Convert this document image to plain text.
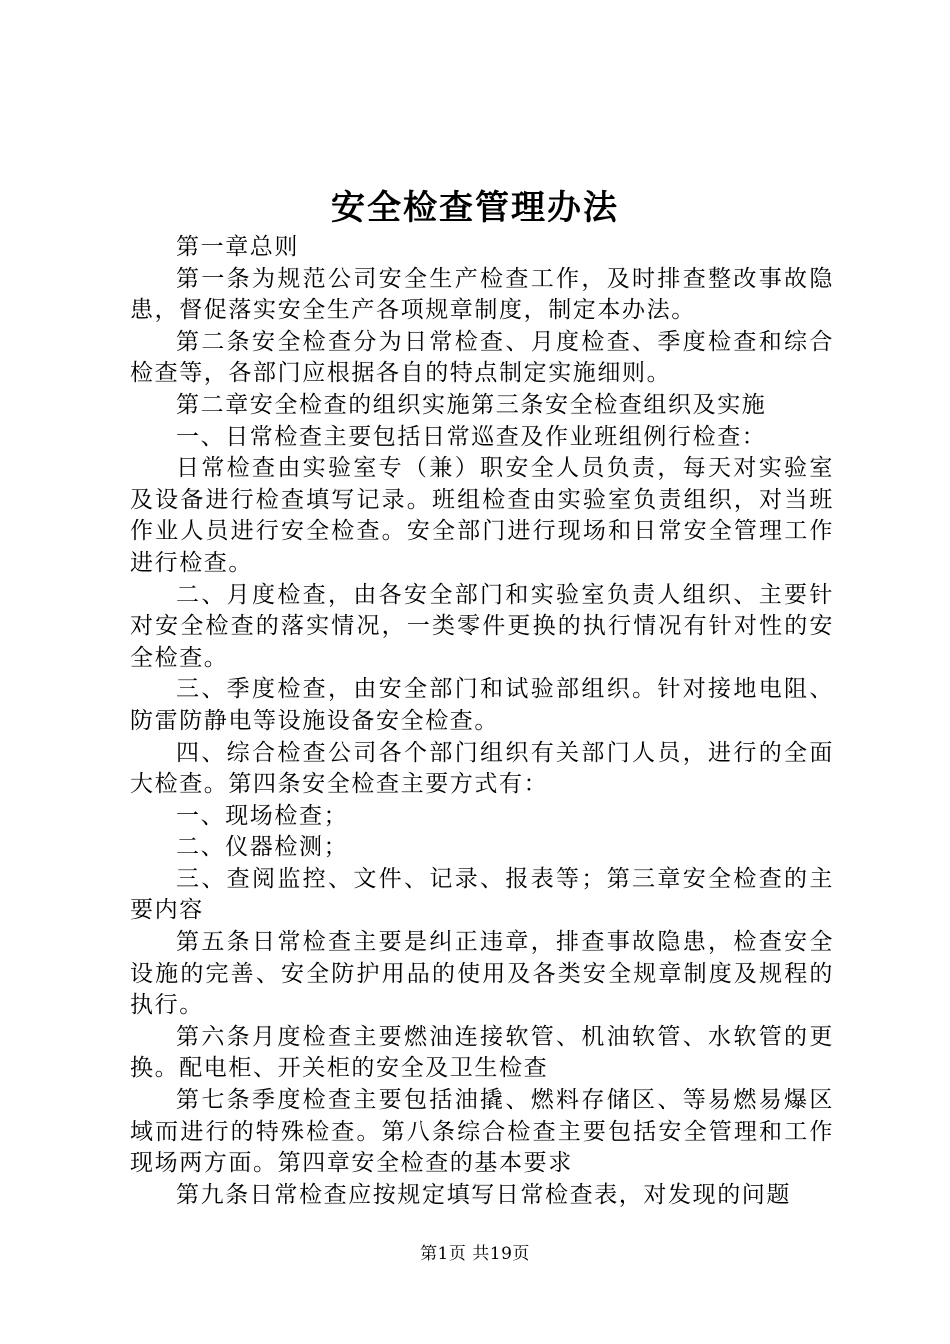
安全检查管理办法

第一章总则

第一条为规范公司安全生产检查工作，及时排查整改事故隐患，督促落实安全生产各项规章制度，制定本办法。

第二条安全检查分为日常检查、月度检查、季度检查和综合检查等，各部门应根据各自的特点制定实施细则。

第二章安全检查的组织实施第三条安全检查组织及实施

一、日常检查主要包括日常巡查及作业班组例行检查：

日常检查由实验室专（兼）职安全人员负责，每天对实验室及设备进行检查填写记录。班组检查由实验室负责组织，对当班作业人员进行安全检查。安全部门进行现场和日常安全管理工作进行检查。

二、月度检查，由各安全部门和实验室负责人组织、主要针对安全检查的落实情况，一类零件更换的执行情况有针对性的安全检查。

三、季度检查，由安全部门和试验部组织。针对接地电阻、防雷防静电等设施设备安全检查。

四、综合检查公司各个部门组织有关部门人员，进行的全面大检查。第四条安全检查主要方式有：

一、现场检查；

二、仪器检测；

三、查阅监控、文件、记录、报表等；第三章安全检查的主要内容

第五条日常检查主要是纠正违章，排查事故隐患，检查安全设施的完善、安全防护用品的使用及各类安全规章制度及规程的执行。

第六条月度检查主要燃油连接软管、机油软管、水软管的更换。配电柜、开关柜的安全及卫生检查

第七条季度检查主要包括油撬、燃料存储区、等易燃易爆区域而进行的特殊检查。第八条综合检查主要包括安全管理和工作现场两方面。第四章安全检查的基本要求

第九条日常检查应按规定填写日常检查表，对发现的问题

第1页 共19页
